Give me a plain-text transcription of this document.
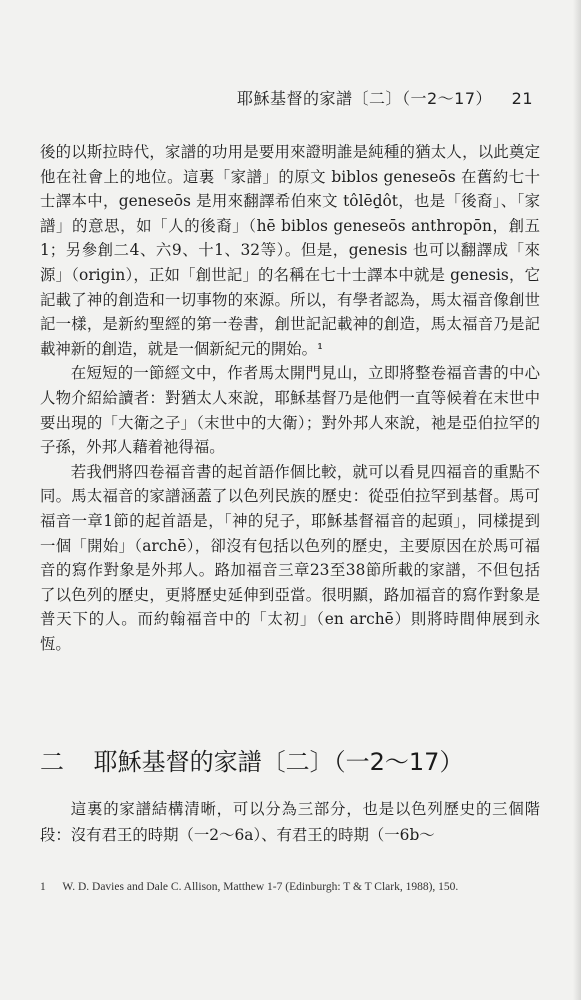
耶穌基督的家譜〔二〕（一2～17） 21

後的以斯拉時代，家譜的功用是要用來證明誰是純種的猶太人，以此奠定他在社會上的地位。這裏「家譜」的原文 biblos geneseōs 在舊約七十士譯本中，geneseōs 是用來翻譯希伯來文 tôlēḏôt，也是「後裔」、「家譜」的意思，如「人的後裔」（hē biblos geneseōs anthropōn，創五1；另參創二4、六9、十1、32等）。但是，genesis 也可以翻譯成「來源」（origin），正如「創世記」的名稱在七十士譯本中就是 genesis，它記載了神的創造和一切事物的來源。所以，有學者認為，馬太福音像創世記一樣，是新約聖經的第一卷書，創世記記載神的創造，馬太福音乃是記載神新的創造，就是一個新紀元的開始。¹

在短短的一節經文中，作者馬太開門見山，立即將整卷福音書的中心人物介紹給讀者：對猶太人來說，耶穌基督乃是他們一直等候着在末世中要出現的「大衛之子」（末世中的大衛）；對外邦人來說，祂是亞伯拉罕的子孫，外邦人藉着祂得福。

若我們將四卷福音書的起首語作個比較，就可以看見四福音的重點不同。馬太福音的家譜涵蓋了以色列民族的歷史：從亞伯拉罕到基督。馬可福音一章1節的起首語是，「神的兒子，耶穌基督福音的起頭」，同樣提到一個「開始」（archē），卻沒有包括以色列的歷史，主要原因在於馬可福音的寫作對象是外邦人。路加福音三章23至38節所載的家譜，不但包括了以色列的歷史，更將歷史延伸到亞當。很明顯，路加福音的寫作對象是普天下的人。而約翰福音中的「太初」（en archē）則將時間伸展到永恆。

二 耶穌基督的家譜〔二〕（一2～17）

這裏的家譜結構清晰，可以分為三部分，也是以色列歷史的三個階段：沒有君王的時期（一2～6a）、有君王的時期（一6b～

1 W. D. Davies and Dale C. Allison, Matthew 1-7 (Edinburgh: T & T Clark, 1988), 150.
